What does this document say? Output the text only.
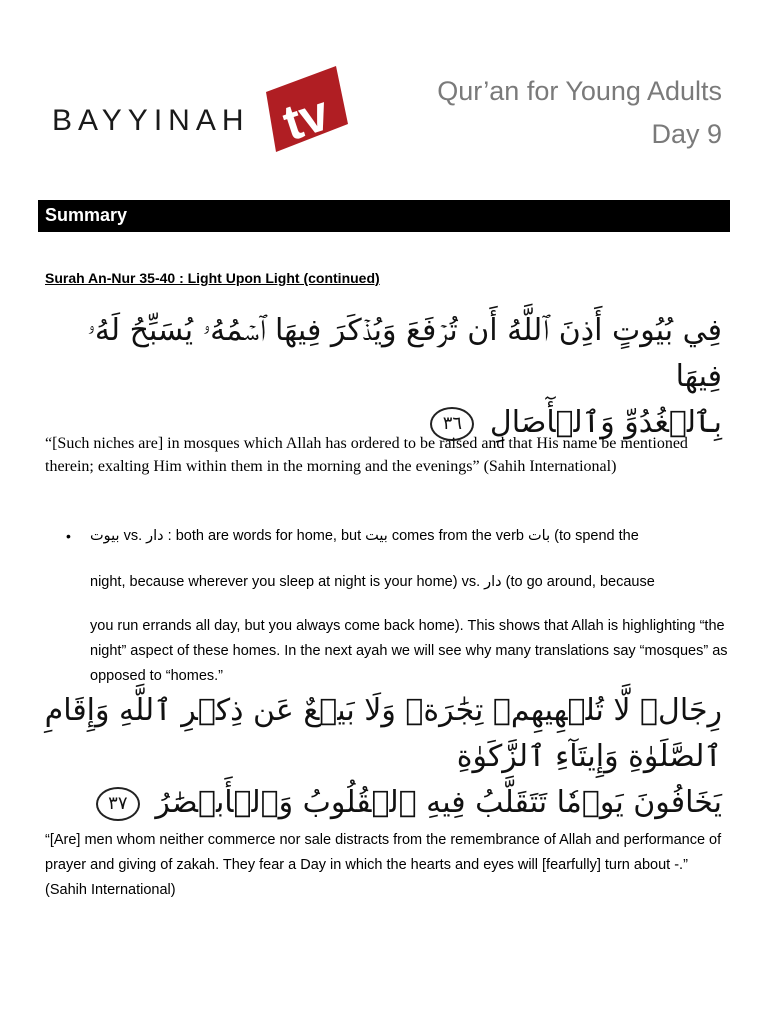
BAYYINAH tv	Qur’an for Young Adults
Day 9
Summary
Surah An-Nur 35-40 : Light Upon Light (continued)
فِي بُيُوتٍ أَذِنَ ٱللَّهُ أَن تُرۡفَعَ وَيُذۡكَرَ فِيهَا ٱسۡمُهُۥ يُسَبِّحُ لَهُۥ فِيهَا
بِٱلۡغُدُوِّ وَٱلۡأٓصَالِ ٣٦
“[Such niches are] in mosques which Allah has ordered to be raised and that His name be mentioned therein; exalting Him within them in the morning and the evenings” (Sahih International)
• بيوت vs. دار : both are words for home, but بيت comes from the verb بات (to spend the
night, because wherever you sleep at night is your home) vs. دار (to go around, because
you run errands all day, but you always come back home). This shows that Allah is highlighting “the night” aspect of these homes. In the next ayah we will see why many translations say “mosques” as opposed to “homes.”
رِجَالٞ لَّا تُلۡهِيهِمۡ تِجَٰرَةٞ وَلَا بَيۡعٌ عَن ذِكۡرِ ٱللَّهِ وَإِقَامِ ٱلصَّلَوٰةِ وَإِيتَآءِ ٱلزَّكَوٰةِ
يَخَافُونَ يَوۡمٗا تَتَقَلَّبُ فِيهِ ٱلۡقُلُوبُ وَٱلۡأَبۡصَٰرُ ٣٧
“[Are] men whom neither commerce nor sale distracts from the remembrance of Allah and performance of prayer and giving of zakah. They fear a Day in which the hearts and eyes will [fearfully] turn about -.” (Sahih International)
